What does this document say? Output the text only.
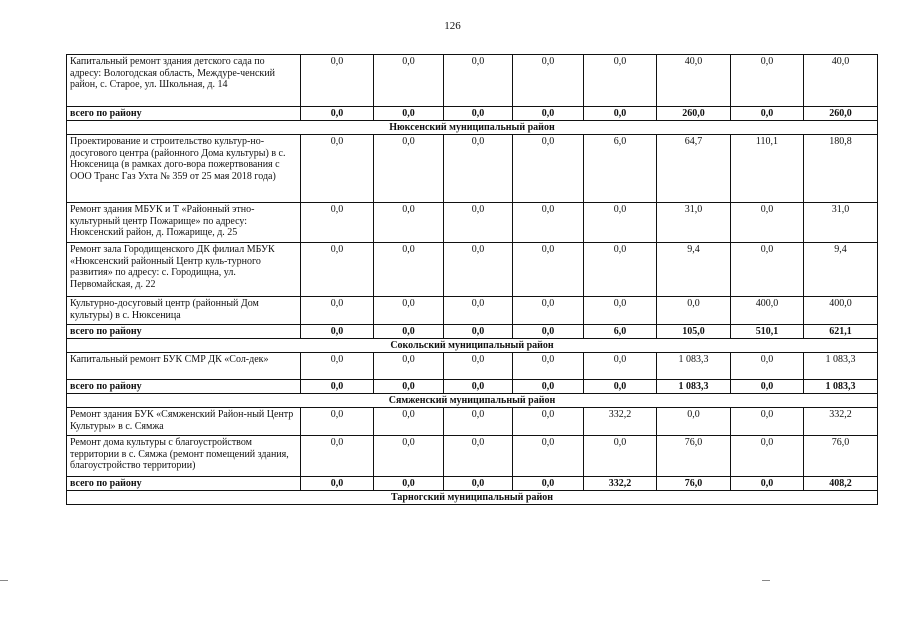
126
Капитальный ремонт здания детского сада по адресу: Вологодская область, Междуре-ченский район, с. Старое, ул. Школьная, д. 14	0,0	0,0	0,0	0,0	0,0	40,0	0,0	40,0
всего по району	0,0	0,0	0,0	0,0	0,0	260,0	0,0	260,0
Нюксенский муниципальный район								
Проектирование и строительство культур-но-досугового центра (районного Дома культуры) в с. Нюксеница (в рамках дого-вора пожертвования с ООО Транс Газ Ухта № 359 от 25 мая 2018 года)	0,0	0,0	0,0	0,0	6,0	64,7	110,1	180,8
Ремонт здания МБУК и Т «Районный этно-культурный центр Пожарище» по адресу: Нюксенский район, д. Пожарище, д. 25	0,0	0,0	0,0	0,0	0,0	31,0	0,0	31,0
Ремонт зала Городищенского ДК филиал МБУК «Нюксенский районный Центр куль-турного развития» по адресу: с. Городищна, ул. Первомайская, д. 22	0,0	0,0	0,0	0,0	0,0	9,4	0,0	9,4
Культурно-досуговый центр (районный Дом культуры) в с. Нюксеница	0,0	0,0	0,0	0,0	0,0	0,0	400,0	400,0
всего по району	0,0	0,0	0,0	0,0	6,0	105,0	510,1	621,1
Сокольский муниципальный район								
Капитальный ремонт БУК СМР ДК «Сол-дек»	0,0	0,0	0,0	0,0	0,0	1 083,3	0,0	1 083,3
всего по району	0,0	0,0	0,0	0,0	0,0	1 083,3	0,0	1 083,3
Сямженский муниципальный район								
Ремонт здания БУК «Сямженский Район-ный Центр Культуры» в с. Сямжа	0,0	0,0	0,0	0,0	332,2	0,0	0,0	332,2
Ремонт дома культуры с благоустройством территории в с. Сямжа (ремонт помещений здания, благоустройство территории)	0,0	0,0	0,0	0,0	0,0	76,0	0,0	76,0
всего по району	0,0	0,0	0,0	0,0	332,2	76,0	0,0	408,2
Тарногский муниципальный район								
